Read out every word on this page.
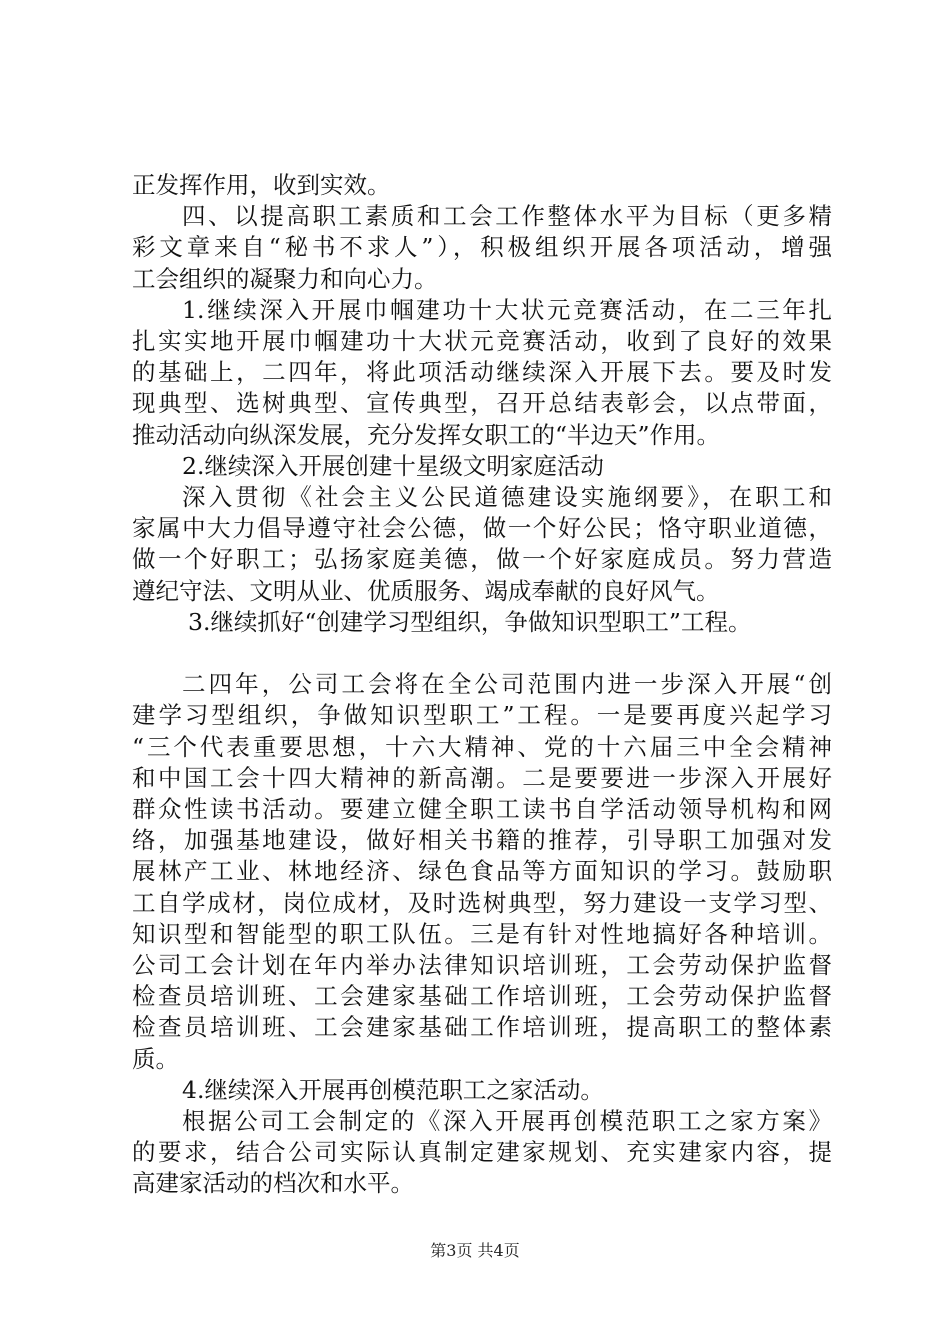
正发挥作用，收到实效。
四、以提高职工素质和工会工作整体水平为目标（更多精
彩文章来自“秘书不求人”），积极组织开展各项活动，增强
工会组织的凝聚力和向心力。
1.继续深入开展巾帼建功十大状元竞赛活动，在二三年扎
扎实实地开展巾帼建功十大状元竞赛活动，收到了良好的效果
的基础上，二四年，将此项活动继续深入开展下去。要及时发
现典型、选树典型、宣传典型，召开总结表彰会，以点带面，
推动活动向纵深发展，充分发挥女职工的“半边天”作用。
2.继续深入开展创建十星级文明家庭活动
深入贯彻《社会主义公民道德建设实施纲要》，在职工和
家属中大力倡导遵守社会公德，做一个好公民；恪守职业道德，
做一个好职工；弘扬家庭美德，做一个好家庭成员。努力营造
遵纪守法、文明从业、优质服务、竭成奉献的良好风气。
3.继续抓好“创建学习型组织，争做知识型职工”工程。
二四年，公司工会将在全公司范围内进一步深入开展“创
建学习型组织，争做知识型职工”工程。一是要再度兴起学习
“三个代表重要思想，十六大精神、党的十六届三中全会精神
和中国工会十四大精神的新高潮。二是要要进一步深入开展好
群众性读书活动。要建立健全职工读书自学活动领导机构和网
络，加强基地建设，做好相关书籍的推荐，引导职工加强对发
展林产工业、林地经济、绿色食品等方面知识的学习。鼓励职
工自学成材，岗位成材，及时选树典型，努力建设一支学习型、
知识型和智能型的职工队伍。三是有针对性地搞好各种培训。
公司工会计划在年内举办法律知识培训班，工会劳动保护监督
检查员培训班、工会建家基础工作培训班，工会劳动保护监督
检查员培训班、工会建家基础工作培训班，提高职工的整体素
质。
4.继续深入开展再创模范职工之家活动。
根据公司工会制定的《深入开展再创模范职工之家方案》
的要求，结合公司实际认真制定建家规划、充实建家内容，提
高建家活动的档次和水平。
第3页 共4页
